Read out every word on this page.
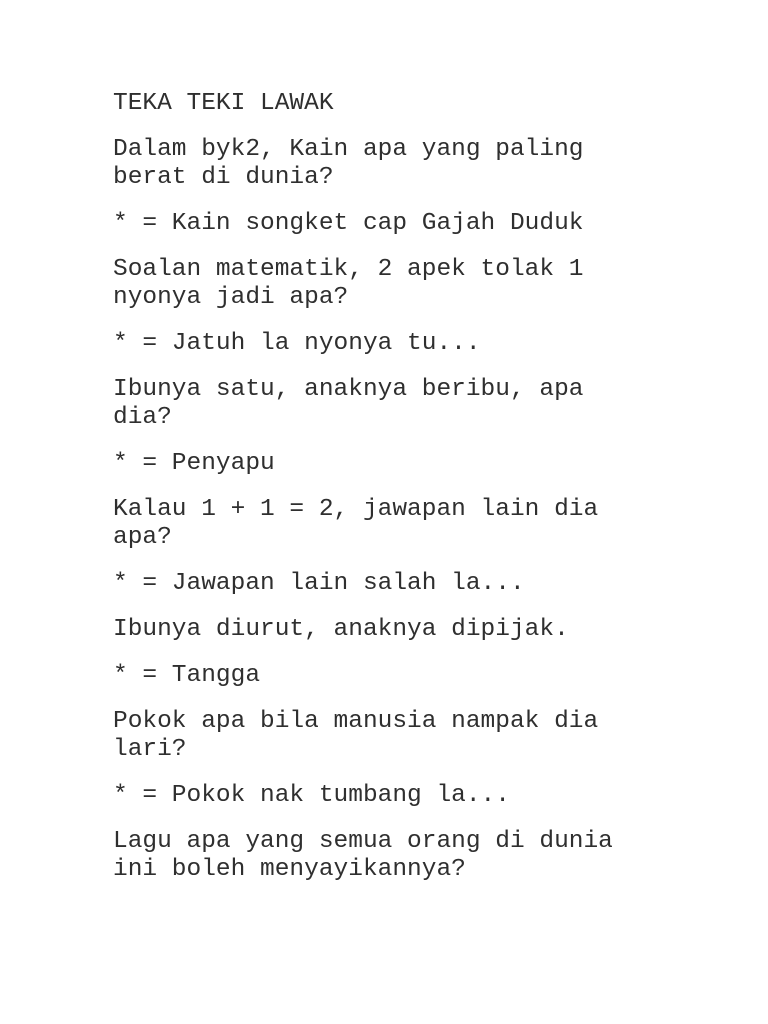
TEKA TEKI LAWAK

Dalam byk2, Kain apa yang paling
berat di dunia?

* = Kain songket cap Gajah Duduk

Soalan matematik, 2 apek tolak 1
nyonya jadi apa?

* = Jatuh la nyonya tu...

Ibunya satu, anaknya beribu, apa
dia?

* = Penyapu

Kalau 1 + 1 = 2, jawapan lain dia
apa?

* = Jawapan lain salah la...

Ibunya diurut, anaknya dipijak.

* = Tangga

Pokok apa bila manusia nampak dia
lari?

* = Pokok nak tumbang la...

Lagu apa yang semua orang di dunia
ini boleh menyayikannya?
